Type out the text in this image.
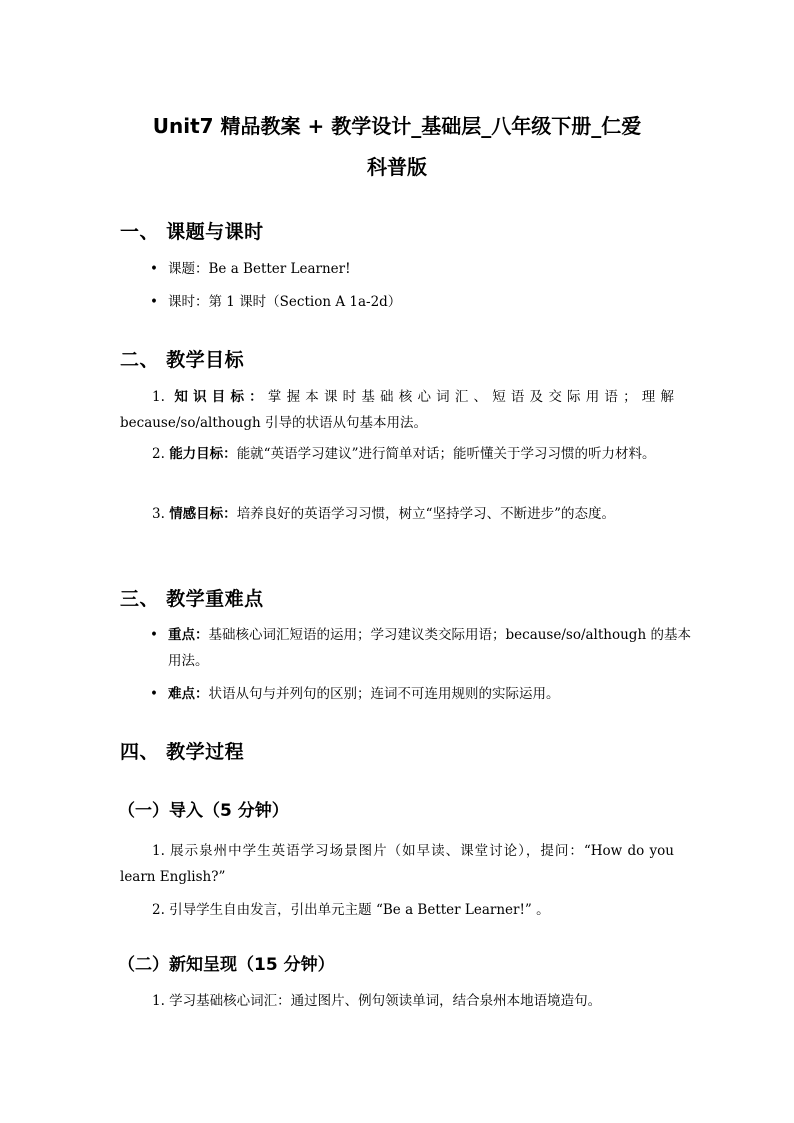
Unit7 精品教案 + 教学设计_基础层_八年级下册_仁爱
科普版
一、 课题与课时
• 课题：Be a Better Learner!
• 课时：第 1 课时（Section A 1a-2d）
二、 教学目标
1. 知识目标：掌握本课时基础核心词汇、短语及交际用语；理解 because/so/although 引导的状语从句基本用法。
2. 能力目标：能就“英语学习建议”进行简单对话；能听懂关于学习习惯的听力材料。
3. 情感目标：培养良好的英语学习习惯，树立“坚持学习、不断进步”的态度。
三、 教学重难点
• 重点：基础核心词汇短语的运用；学习建议类交际用语；because/so/although 的基本用法。
• 难点：状语从句与并列句的区别；连词不可连用规则的实际运用。
四、 教学过程
（一）导入（5 分钟）
1. 展示泉州中学生英语学习场景图片（如早读、课堂讨论），提问：“How do you learn English?”
2. 引导学生自由发言，引出单元主题 “Be a Better Learner!” 。
（二）新知呈现（15 分钟）
1. 学习基础核心词汇：通过图片、例句领读单词，结合泉州本地语境造句。
